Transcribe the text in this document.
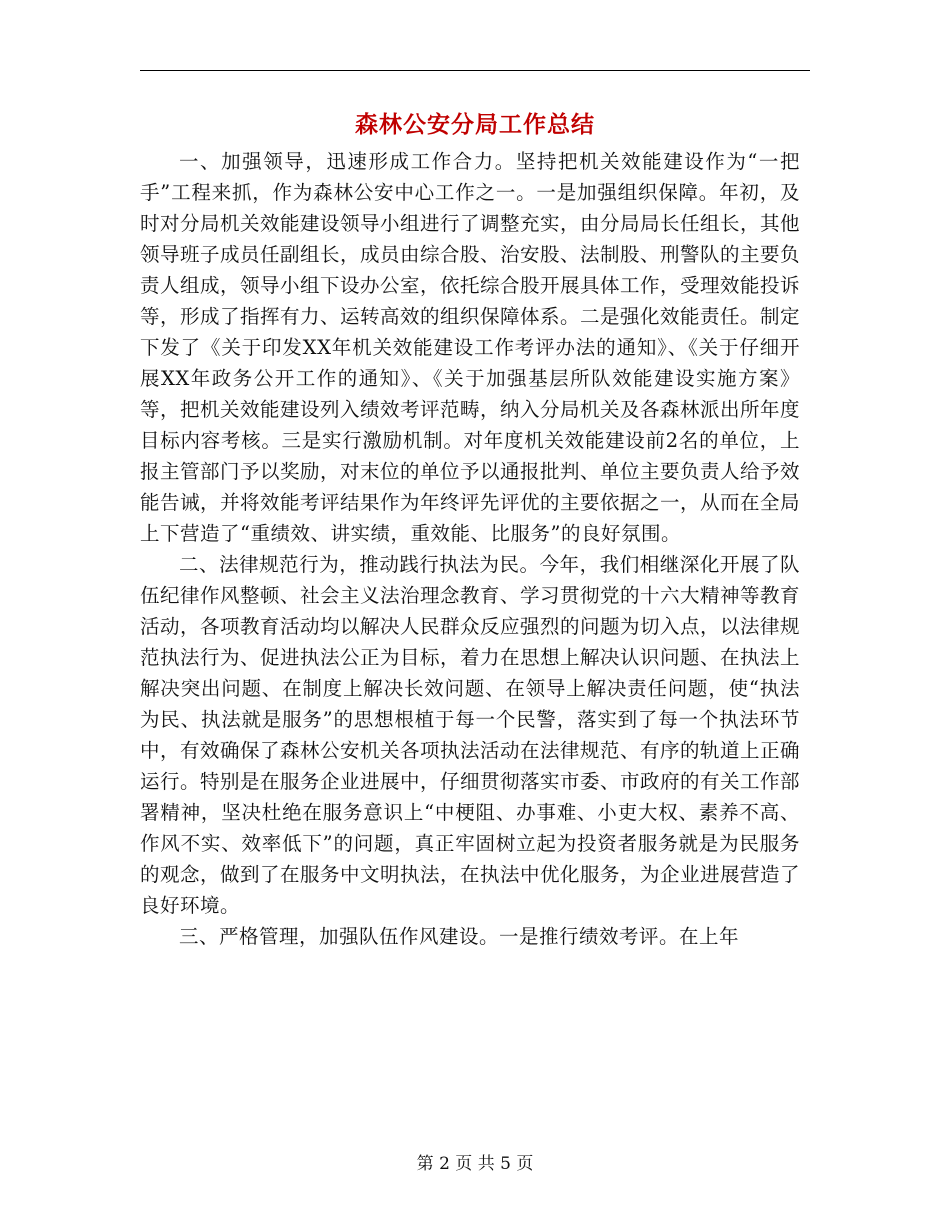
森林公安分局工作总结

一、加强领导，迅速形成工作合力。坚持把机关效能建设作为“一把手”工程来抓，作为森林公安中心工作之一。一是加强组织保障。年初，及时对分局机关效能建设领导小组进行了调整充实，由分局局长任组长，其他领导班子成员任副组长，成员由综合股、治安股、法制股、刑警队的主要负责人组成，领导小组下设办公室，依托综合股开展具体工作，受理效能投诉等，形成了指挥有力、运转高效的组织保障体系。二是强化效能责任。制定下发了《关于印发XX年机关效能建设工作考评办法的通知》、《关于仔细开展XX年政务公开工作的通知》、《关于加强基层所队效能建设实施方案》等，把机关效能建设列入绩效考评范畴，纳入分局机关及各森林派出所年度目标内容考核。三是实行激励机制。对年度机关效能建设前2名的单位，上报主管部门予以奖励，对末位的单位予以通报批判、单位主要负责人给予效能告诫，并将效能考评结果作为年终评先评优的主要依据之一，从而在全局上下营造了“重绩效、讲实绩，重效能、比服务”的良好氛围。

二、法律规范行为，推动践行执法为民。今年，我们相继深化开展了队伍纪律作风整顿、社会主义法治理念教育、学习贯彻党的十六大精神等教育活动，各项教育活动均以解决人民群众反应强烈的问题为切入点，以法律规范执法行为、促进执法公正为目标，着力在思想上解决认识问题、在执法上解决突出问题、在制度上解决长效问题、在领导上解决责任问题，使“执法为民、执法就是服务”的思想根植于每一个民警，落实到了每一个执法环节中，有效确保了森林公安机关各项执法活动在法律规范、有序的轨道上正确运行。特别是在服务企业进展中，仔细贯彻落实市委、市政府的有关工作部署精神，坚决杜绝在服务意识上“中梗阻、办事难、小吏大权、素养不高、作风不实、效率低下”的问题，真正牢固树立起为投资者服务就是为民服务的观念，做到了在服务中文明执法，在执法中优化服务，为企业进展营造了良好环境。

三、严格管理，加强队伍作风建设。一是推行绩效考评。在上年

第 2 页 共 5 页
